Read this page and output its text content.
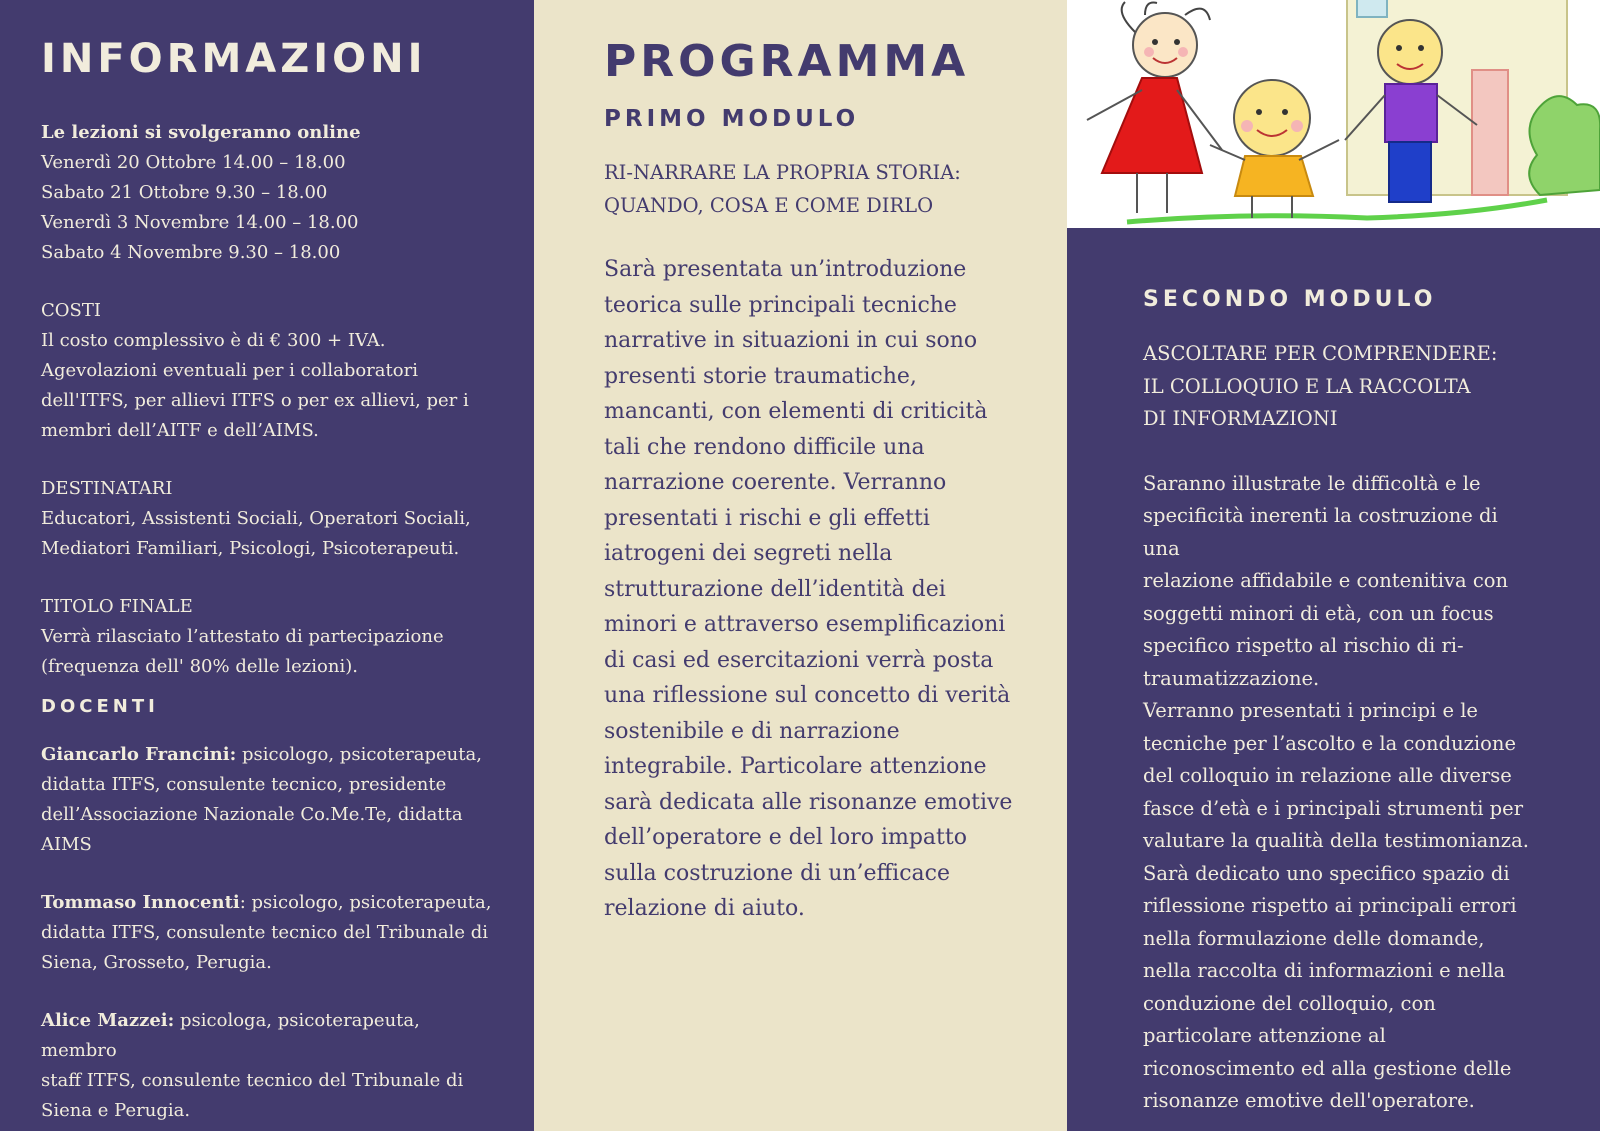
INFORMAZIONI

Le lezioni si svolgeranno online

Venerdì 20 Ottobre 14.00 – 18.00

Sabato 21 Ottobre 9.30 – 18.00

Venerdì 3 Novembre 14.00 – 18.00

Sabato 4 Novembre 9.30 – 18.00

COSTI

Il costo complessivo è di € 300 + IVA.

Agevolazioni eventuali per i collaboratori

dell'ITFS, per allievi ITFS o per ex allievi, per i

membri dell’AITF e dell’AIMS.

DESTINATARI

Educatori, Assistenti Sociali, Operatori Sociali,

Mediatori Familiari, Psicologi, Psicoterapeuti.

TITOLO FINALE

Verrà rilasciato l’attestato di partecipazione

(frequenza dell' 80% delle lezioni).

DOCENTI

Giancarlo Francini: psicologo, psicoterapeuta,

didatta ITFS, consulente tecnico, presidente

dell’Associazione Nazionale Co.Me.Te, didatta

AIMS

Tommaso Innocenti: psicologo, psicoterapeuta,

didatta ITFS, consulente tecnico del Tribunale di

Siena, Grosseto, Perugia.

Alice Mazzei: psicologa, psicoterapeuta, membro

staff ITFS, consulente tecnico del Tribunale di

Siena e Perugia.

PROGRAMMA

PRIMO MODULO

RI-NARRARE LA PROPRIA STORIA:

QUANDO, COSA E COME DIRLO

Sarà presentata un’introduzione

teorica sulle principali tecniche

narrative in situazioni in cui sono

presenti storie traumatiche,

mancanti, con elementi di criticità

tali che rendono difficile una

narrazione coerente. Verranno

presentati i rischi e gli effetti

iatrogeni dei segreti nella

strutturazione dell’identità dei

minori e attraverso esemplificazioni

di casi ed esercitazioni verrà posta

una riflessione sul concetto di verità

sostenibile e di narrazione

integrabile. Particolare attenzione

sarà dedicata alle risonanze emotive

dell’operatore e del loro impatto

sulla costruzione di un’efficace

relazione di aiuto.

SECONDO MODULO

ASCOLTARE PER COMPRENDERE:

IL COLLOQUIO E LA RACCOLTA

DI INFORMAZIONI

Saranno illustrate le difficoltà e le

specificità inerenti la costruzione di una

relazione affidabile e contenitiva con

soggetti minori di età, con un focus

specifico rispetto al rischio di ri-

traumatizzazione.

Verranno presentati i principi e le

tecniche per l’ascolto e la conduzione

del colloquio in relazione alle diverse

fasce d’età e i principali strumenti per

valutare la qualità della testimonianza.

Sarà dedicato uno specifico spazio di

riflessione rispetto ai principali errori

nella formulazione delle domande,

nella raccolta di informazioni e nella

conduzione del colloquio, con

particolare attenzione al

riconoscimento ed alla gestione delle

risonanze emotive dell'operatore.
